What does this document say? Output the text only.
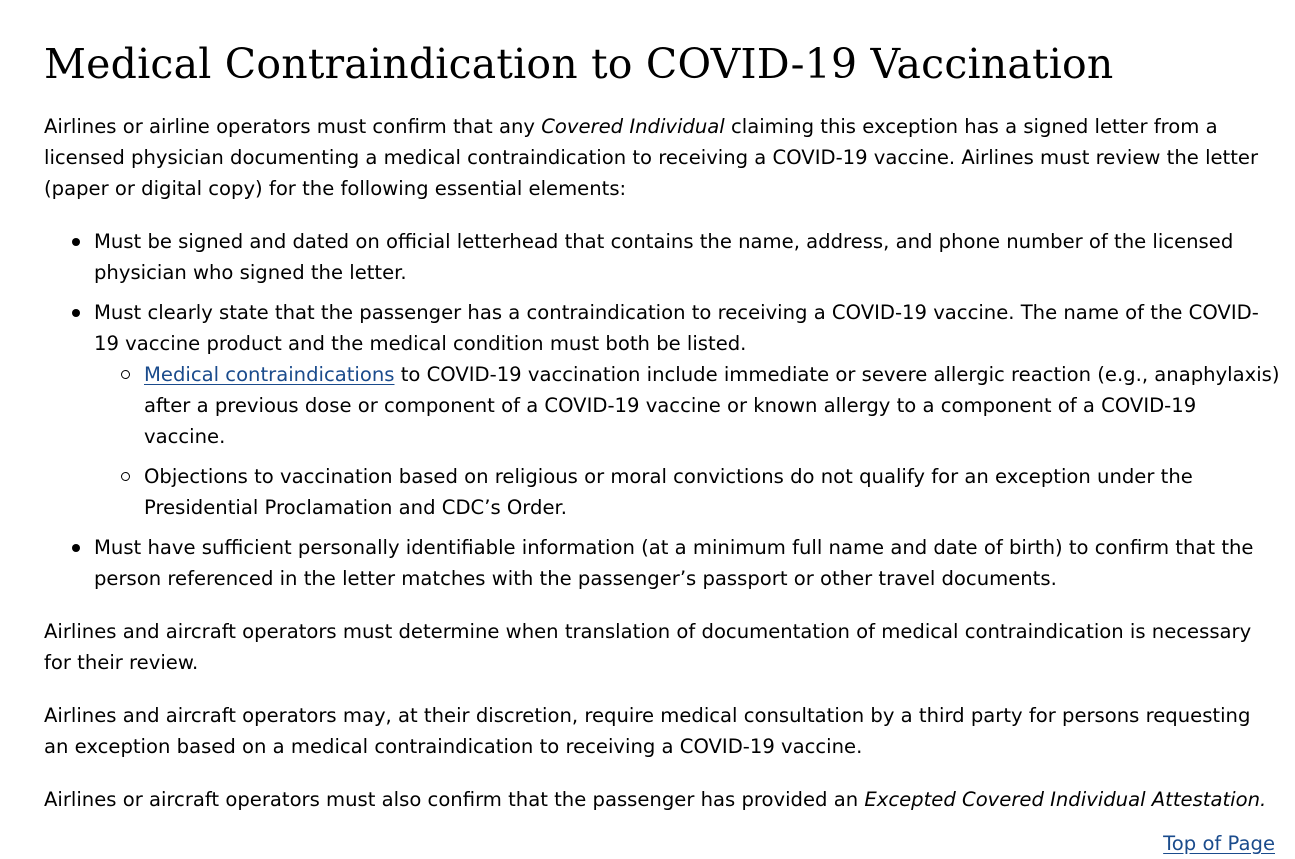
Medical Contraindication to COVID-19 Vaccination

Airlines or airline operators must confirm that any Covered Individual claiming this exception has a signed letter from a licensed physician documenting a medical contraindication to receiving a COVID-19 vaccine. Airlines must review the letter (paper or digital copy) for the following essential elements:

Must be signed and dated on official letterhead that contains the name, address, and phone number of the licensed physician who signed the letter.
Must clearly state that the passenger has a contraindication to receiving a COVID-19 vaccine. The name of the COVID-19 vaccine product and the medical condition must both be listed.
Medical contraindications to COVID-19 vaccination include immediate or severe allergic reaction (e.g., anaphylaxis) after a previous dose or component of a COVID-19 vaccine or known allergy to a component of a COVID-19 vaccine.
Objections to vaccination based on religious or moral convictions do not qualify for an exception under the Presidential Proclamation and CDC’s Order.
Must have sufficient personally identifiable information (at a minimum full name and date of birth) to confirm that the person referenced in the letter matches with the passenger’s passport or other travel documents.

Airlines and aircraft operators must determine when translation of documentation of medical contraindication is necessary for their review.

Airlines and aircraft operators may, at their discretion, require medical consultation by a third party for persons requesting an exception based on a medical contraindication to receiving a COVID-19 vaccine.

Airlines or aircraft operators must also confirm that the passenger has provided an Excepted Covered Individual Attestation.

Top of Page
